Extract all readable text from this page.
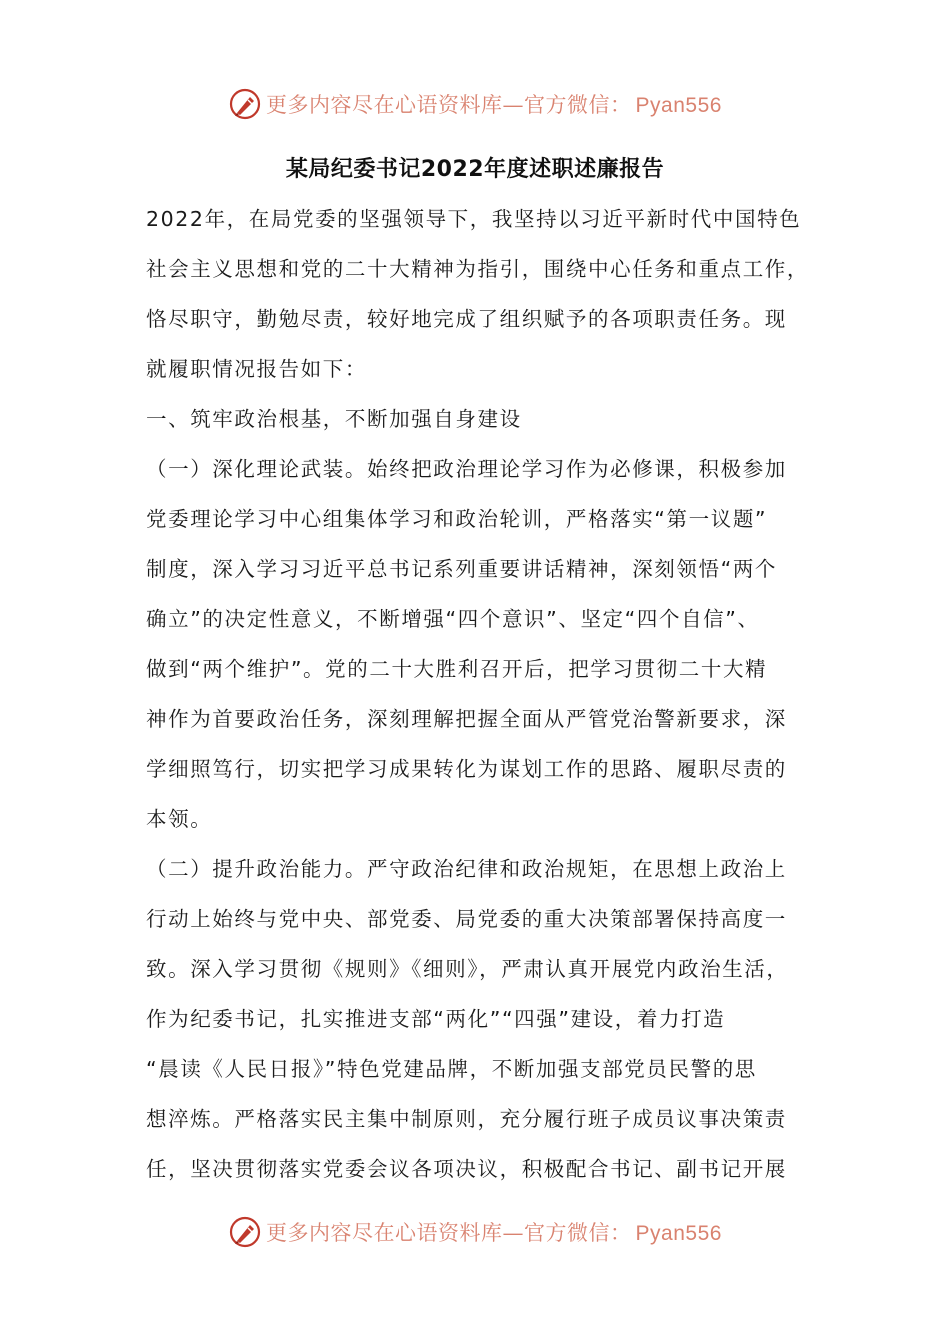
更多内容尽在心语资料库—官方微信： Pyan556
某局纪委书记2022年度述职述廉报告
2022年，在局党委的坚强领导下，我坚持以习近平新时代中国特色
社会主义思想和党的二十大精神为指引，围绕中心任务和重点工作，
恪尽职守，勤勉尽责，较好地完成了组织赋予的各项职责任务。现
就履职情况报告如下：
一、筑牢政治根基，不断加强自身建设
（一）深化理论武装。始终把政治理论学习作为必修课，积极参加
党委理论学习中心组集体学习和政治轮训，严格落实“第一议题”
制度，深入学习习近平总书记系列重要讲话精神，深刻领悟“两个
确立”的决定性意义，不断增强“四个意识”、坚定“四个自信”、
做到“两个维护”。党的二十大胜利召开后，把学习贯彻二十大精
神作为首要政治任务，深刻理解把握全面从严管党治警新要求，深
学细照笃行，切实把学习成果转化为谋划工作的思路、履职尽责的
本领。
（二）提升政治能力。严守政治纪律和政治规矩，在思想上政治上
行动上始终与党中央、部党委、局党委的重大决策部署保持高度一
致。深入学习贯彻《规则》《细则》，严肃认真开展党内政治生活，
作为纪委书记，扎实推进支部“两化”“四强”建设，着力打造
“晨读《人民日报》”特色党建品牌，不断加强支部党员民警的思
想淬炼。严格落实民主集中制原则，充分履行班子成员议事决策责
任，坚决贯彻落实党委会议各项决议，积极配合书记、副书记开展
更多内容尽在心语资料库—官方微信： Pyan556
